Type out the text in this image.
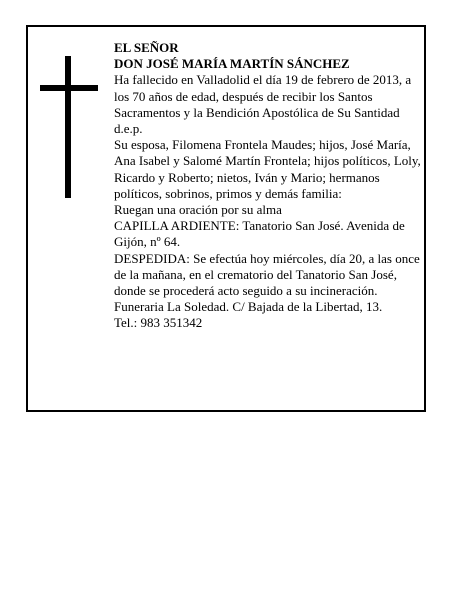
EL SEÑOR

DON JOSÉ MARÍA MARTÍN SÁNCHEZ

Ha fallecido en Valladolid el día 19 de febrero de 2013, a los 70 años de edad, después de recibir los Santos Sacramentos y la Bendición Apostólica de Su Santidad d.e.p.

Su esposa, Filomena Frontela Maudes; hijos, José María, Ana Isabel y Salomé Martín Frontela; hijos políticos, Loly, Ricardo y Roberto; nietos, Iván y Mario; hermanos políticos, sobrinos, primos y demás familia:

Ruegan una oración por su alma

CAPILLA ARDIENTE: Tanatorio San José. Avenida de Gijón, nº 64.

DESPEDIDA: Se efectúa hoy miércoles, día 20, a las once de la mañana, en el crematorio del Tanatorio San José, donde se procederá acto seguido a su incineración.

Funeraria La Soledad. C/ Bajada de la Libertad, 13.

Tel.: 983 351342
